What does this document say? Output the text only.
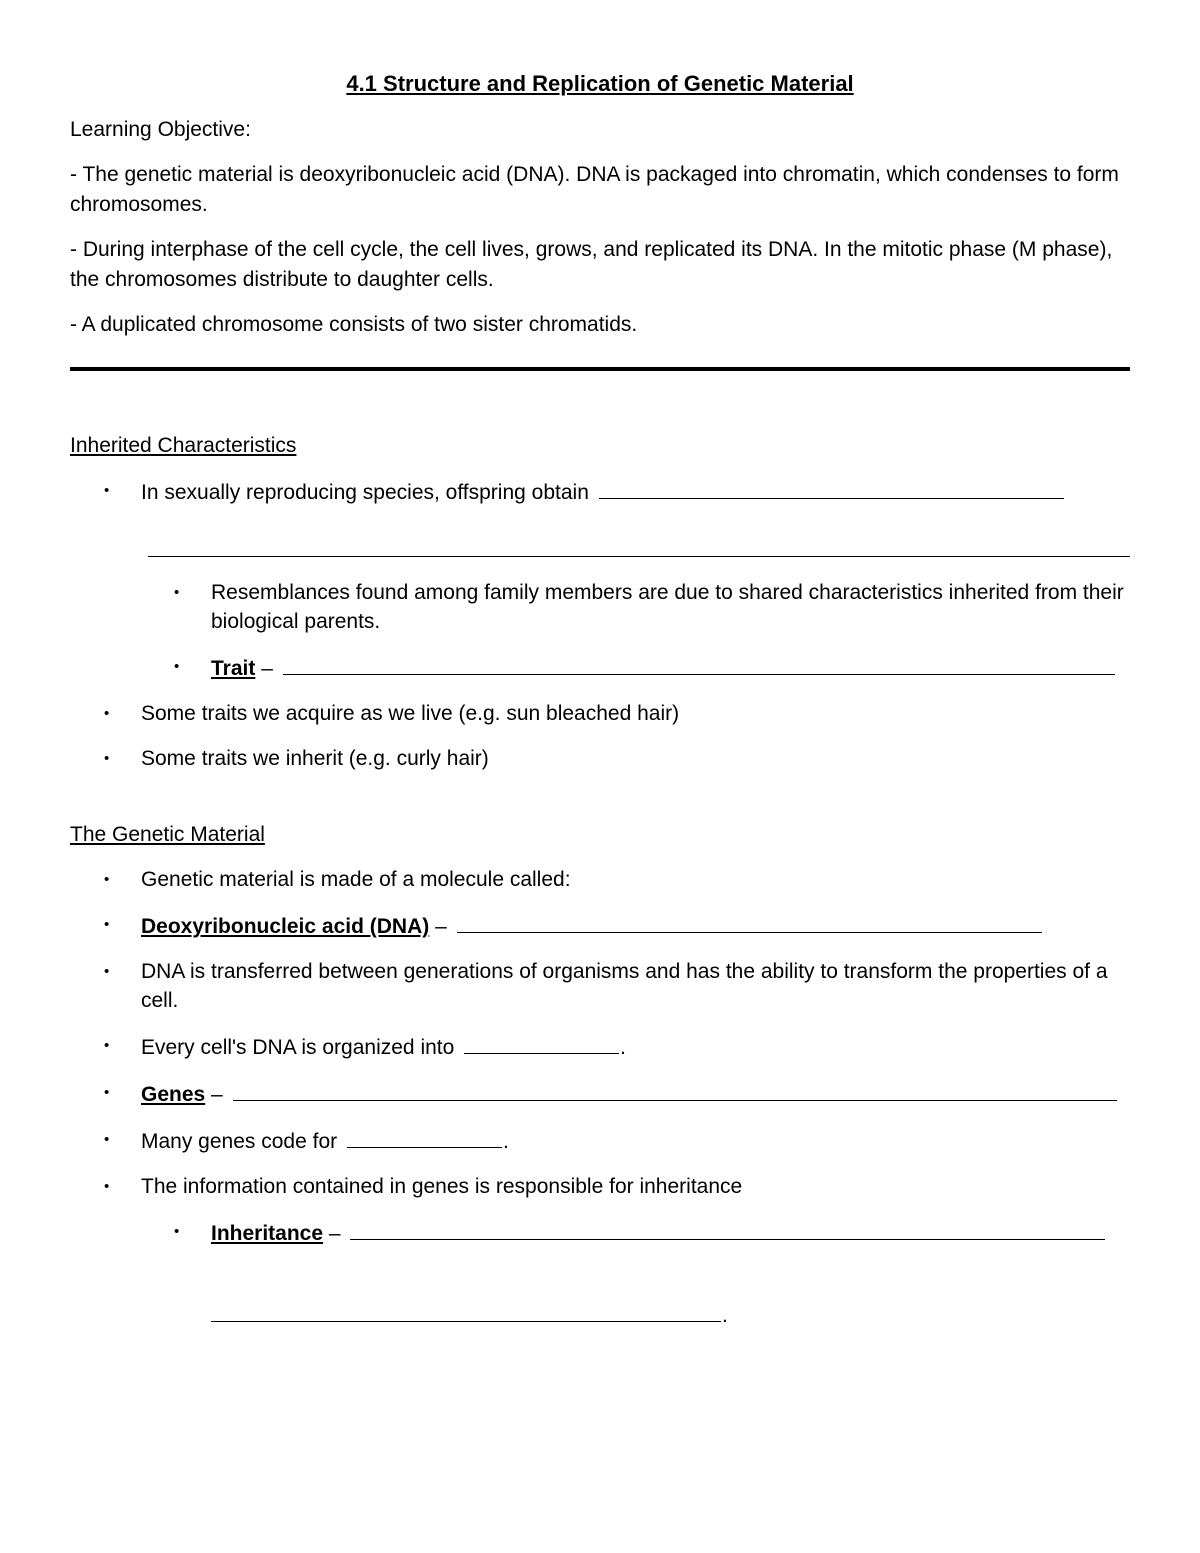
4.1 Structure and Replication of Genetic Material

Learning Objective:

- The genetic material is deoxyribonucleic acid (DNA). DNA is packaged into chromatin, which condenses to form chromosomes.

- During interphase of the cell cycle, the cell lives, grows, and replicated its DNA. In the mitotic phase (M phase), the chromosomes distribute to daughter cells.

- A duplicated chromosome consists of two sister chromatids.

Inherited Characteristics
• In sexually reproducing species, offspring obtain
• Resemblances found among family members are due to shared characteristics inherited from their biological parents.
• Trait –
• Some traits we acquire as we live (e.g. sun bleached hair)
• Some traits we inherit (e.g. curly hair)
The Genetic Material
• Genetic material is made of a molecule called:
• Deoxyribonucleic acid (DNA) –
• DNA is transferred between generations of organisms and has the ability to transform the properties of a cell.
• Every cell's DNA is organized into	.
• Genes –
• Many genes code for	.
• The information contained in genes is responsible for inheritance
• Inheritance –
.
